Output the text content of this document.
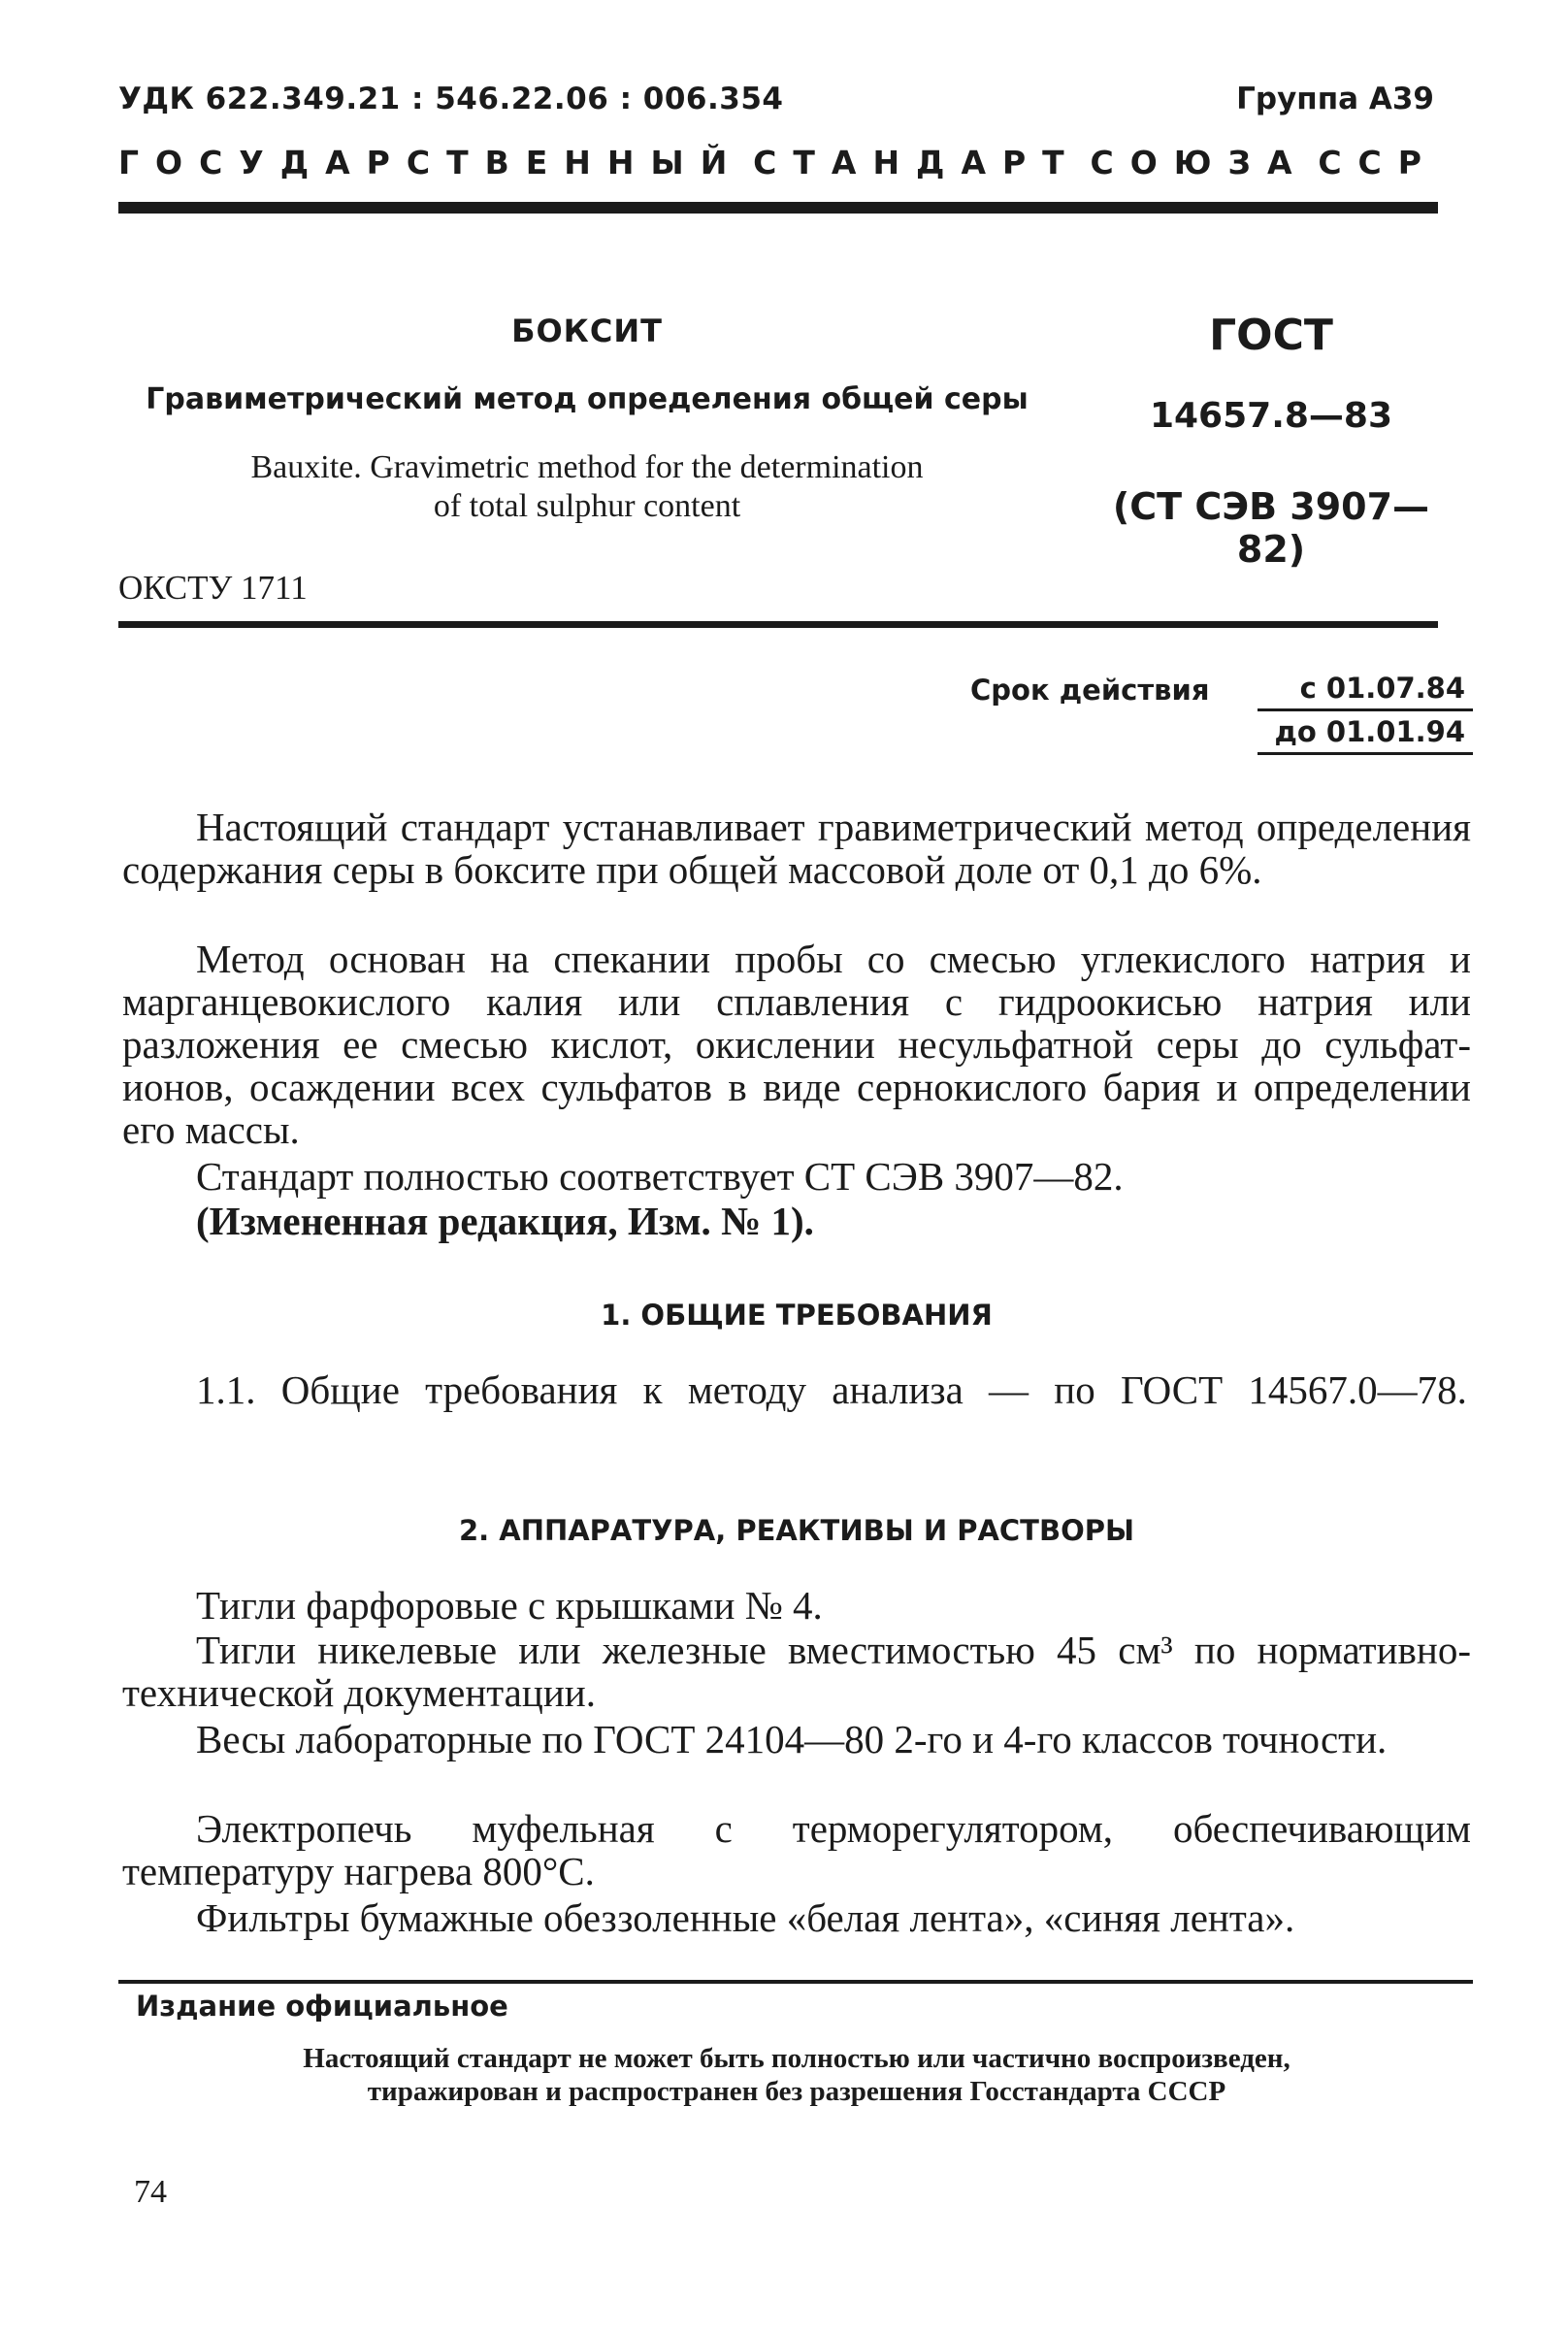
УДК 622.349.21 : 546.22.06 : 006.354	Группа А39
ГОСУДАРСТВЕННЫЙ СТАНДАРТ СОЮЗА ССР
БОКСИТ
Гравиметрический метод определения общей серы
Bauxite. Gravimetric method for the determination
of total sulphur content
ГОСТ
14657.8—83
(СТ СЭВ 3907—82)
ОКСТУ 1711
Срок действия	с 01.07.84
до 01.01.94
Настоящий стандарт устанавливает гравиметрический метод определения содержания серы в боксите при общей массовой доле от 0,1 до 6%.
Метод основан на спекании пробы со смесью углекислого натрия и марганцевокислого калия или сплавления с гидроокисью натрия или разложения ее смесью кислот, окислении несульфатной серы до сульфат-ионов, осаждении всех сульфатов в виде сернокислого бария и определении его массы.
Стандарт полностью соответствует СТ СЭВ 3907—82.
(Измененная редакция, Изм. № 1).
1. ОБЩИЕ ТРЕБОВАНИЯ
1.1. Общие требования к методу анализа — по ГОСТ 14567.0—78.
2. АППАРАТУРА, РЕАКТИВЫ И РАСТВОРЫ
Тигли фарфоровые с крышками № 4.
Тигли никелевые или железные вместимостью 45 см³ по нормативно-технической документации.
Весы лабораторные по ГОСТ 24104—80 2-го и 4-го классов точности.
Электропечь муфельная с терморегулятором, обеспечивающим температуру нагрева 800°С.
Фильтры бумажные обеззоленные «белая лента», «синяя лента».
Издание официальное
Настоящий стандарт не может быть полностью или частично воспроизведен,
тиражирован и распространен без разрешения Госстандарта СССР
74
